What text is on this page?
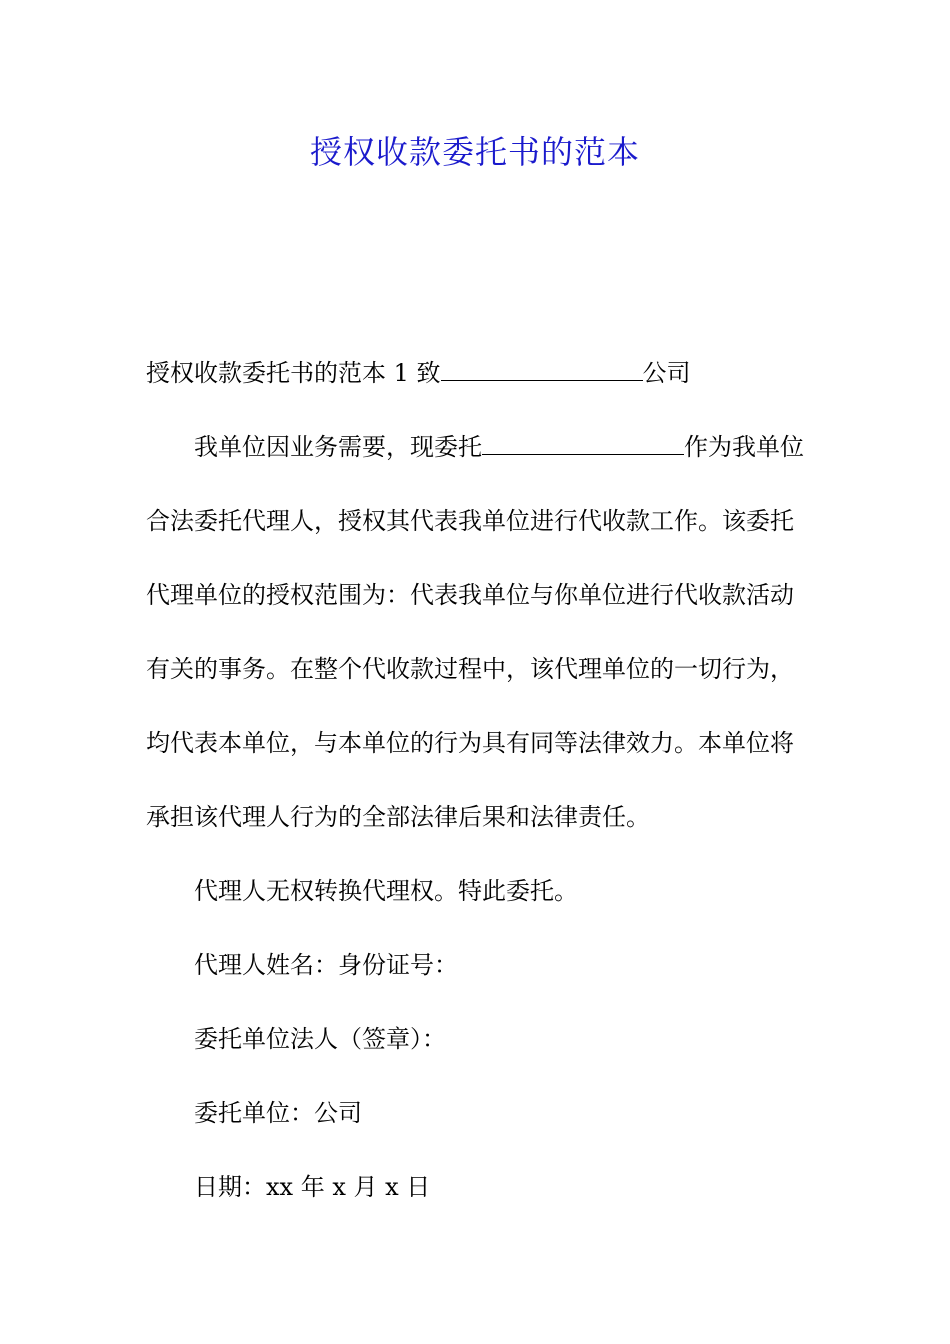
授权收款委托书的范本
授权收款委托书的范本 1 致	公司
我单位因业务需要，现委托	作为我单位
合法委托代理人，授权其代表我单位进行代收款工作。该委托
代理单位的授权范围为：代表我单位与你单位进行代收款活动
有关的事务。在整个代收款过程中，该代理单位的一切行为，
均代表本单位，与本单位的行为具有同等法律效力。本单位将
承担该代理人行为的全部法律后果和法律责任。
代理人无权转换代理权。特此委托。
代理人姓名：身份证号：
委托单位法人（签章）：
委托单位：公司
日期：xx 年 x 月 x 日
